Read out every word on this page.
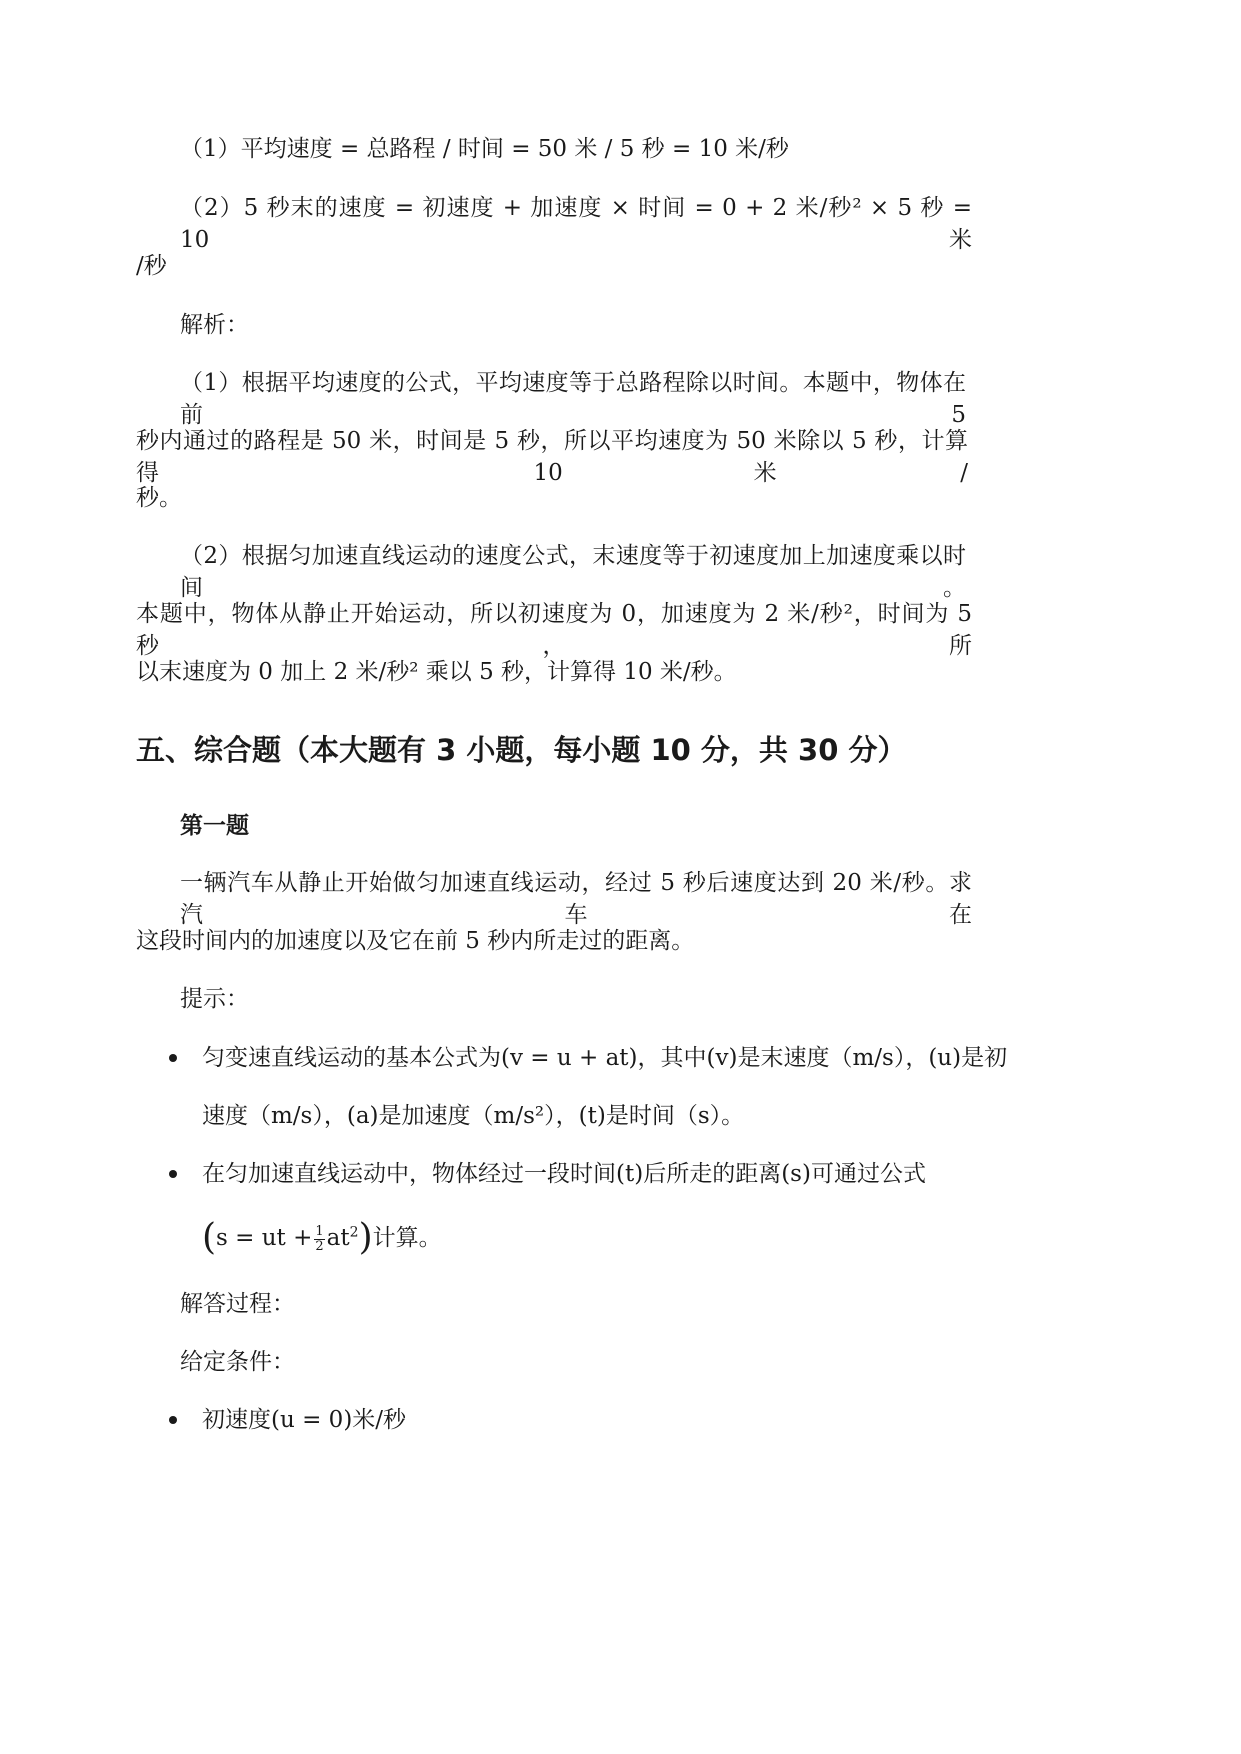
（1）平均速度 = 总路程 / 时间 = 50 米 / 5 秒 = 10 米/秒
（2）5 秒末的速度 = 初速度 + 加速度 × 时间 = 0 + 2 米/秒² × 5 秒 = 10 米
/秒
解析：
（1）根据平均速度的公式，平均速度等于总路程除以时间。本题中，物体在前 5
秒内通过的路程是 50 米，时间是 5 秒，所以平均速度为 50 米除以 5 秒，计算得 10 米/
秒。
（2）根据匀加速直线运动的速度公式，末速度等于初速度加上加速度乘以时间。
本题中，物体从静止开始运动，所以初速度为 0，加速度为 2 米/秒²，时间为 5 秒，所
以末速度为 0 加上 2 米/秒² 乘以 5 秒，计算得 10 米/秒。
五、综合题（本大题有 3 小题，每小题 10 分，共 30 分）
第一题
一辆汽车从静止开始做匀加速直线运动，经过 5 秒后速度达到 20 米/秒。求汽车在
这段时间内的加速度以及它在前 5 秒内所走过的距离。
提示：
匀变速直线运动的基本公式为(v = u + at)，其中(v)是末速度（m/s），(u)是初
速度（m/s），(a)是加速度（m/s²），(t)是时间（s）。
在匀加速直线运动中，物体经过一段时间(t)后所走的距离(s)可通过公式
(s = ut + $\frac{1}{2} at^2$)计算。
解答过程：
给定条件：
初速度(u = 0)米/秒
